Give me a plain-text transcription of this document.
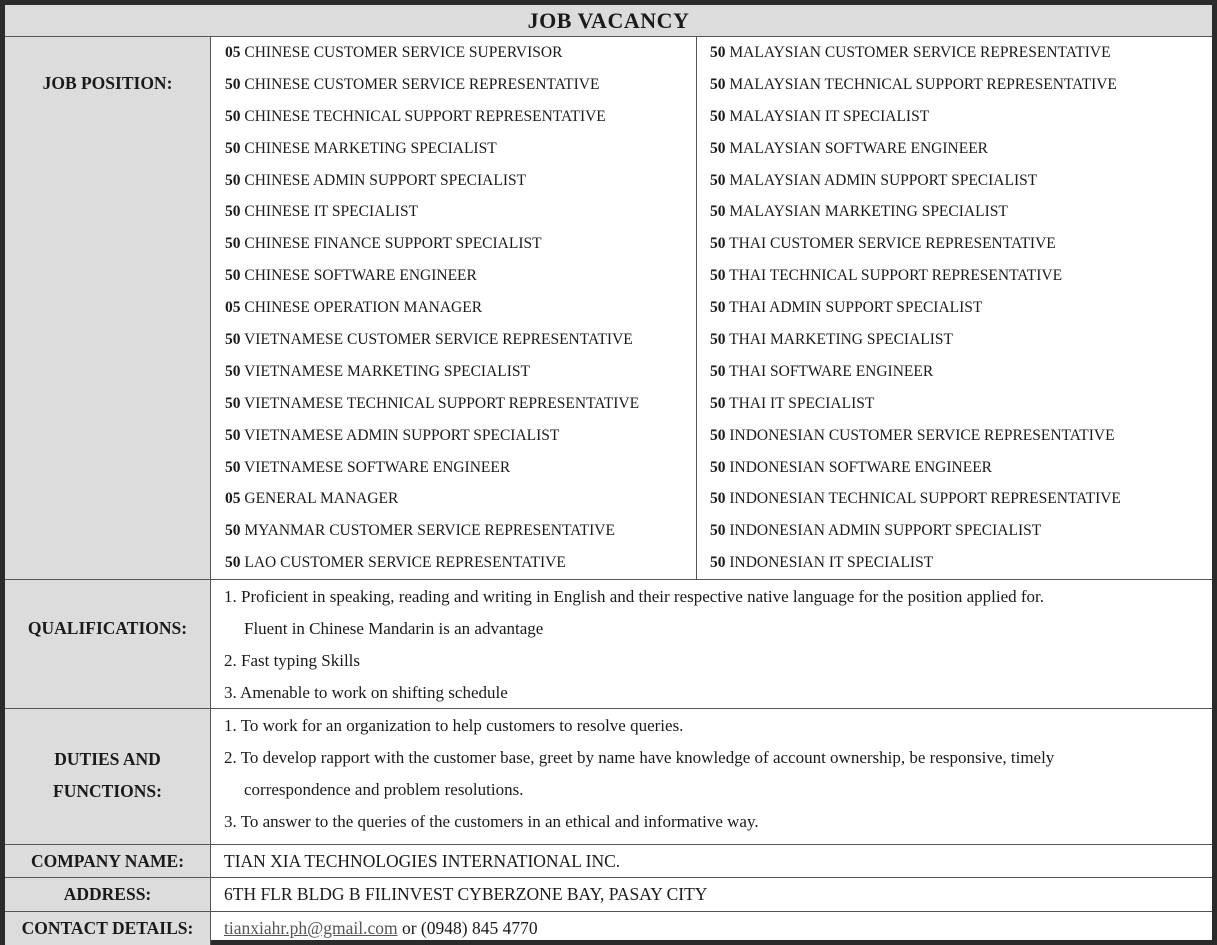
JOB VACANCY
JOB POSITION:
QUALIFICATIONS:
DUTIES AND
FUNCTIONS:
COMPANY NAME:
ADDRESS:
CONTACT DETAILS:
05 CHINESE CUSTOMER SERVICE SUPERVISOR
50 CHINESE CUSTOMER SERVICE REPRESENTATIVE
50 CHINESE TECHNICAL SUPPORT REPRESENTATIVE
50 CHINESE MARKETING SPECIALIST
50 CHINESE ADMIN SUPPORT SPECIALIST
50 CHINESE IT SPECIALIST
50 CHINESE FINANCE SUPPORT SPECIALIST
50 CHINESE SOFTWARE ENGINEER
05 CHINESE OPERATION MANAGER
50 VIETNAMESE CUSTOMER SERVICE REPRESENTATIVE
50 VIETNAMESE MARKETING SPECIALIST
50 VIETNAMESE TECHNICAL SUPPORT REPRESENTATIVE
50 VIETNAMESE ADMIN SUPPORT SPECIALIST
50 VIETNAMESE SOFTWARE ENGINEER
05 GENERAL MANAGER
50 MYANMAR CUSTOMER SERVICE REPRESENTATIVE
50 LAO CUSTOMER SERVICE REPRESENTATIVE
50 MALAYSIAN CUSTOMER SERVICE REPRESENTATIVE
50 MALAYSIAN TECHNICAL SUPPORT REPRESENTATIVE
50 MALAYSIAN IT SPECIALIST
50 MALAYSIAN SOFTWARE ENGINEER
50 MALAYSIAN ADMIN SUPPORT SPECIALIST
50 MALAYSIAN MARKETING SPECIALIST
50 THAI CUSTOMER SERVICE REPRESENTATIVE
50 THAI TECHNICAL SUPPORT REPRESENTATIVE
50 THAI ADMIN SUPPORT SPECIALIST
50 THAI MARKETING SPECIALIST
50 THAI SOFTWARE ENGINEER
50 THAI IT SPECIALIST
50 INDONESIAN CUSTOMER SERVICE REPRESENTATIVE
50 INDONESIAN SOFTWARE ENGINEER
50 INDONESIAN TECHNICAL SUPPORT REPRESENTATIVE
50 INDONESIAN ADMIN SUPPORT SPECIALIST
50 INDONESIAN IT SPECIALIST
1. Proficient in speaking, reading and writing in English and their respective native language for the position applied for.
Fluent in Chinese Mandarin is an advantage
2. Fast typing Skills
3. Amenable to work on shifting schedule
1. To work for an organization to help customers to resolve queries.
2. To develop rapport with the customer base, greet by name have knowledge of account ownership, be responsive, timely
correspondence and problem resolutions.
3. To answer to the queries of the customers in an ethical and informative way.
TIAN XIA TECHNOLOGIES INTERNATIONAL INC.
6TH FLR BLDG B FILINVEST CYBERZONE BAY, PASAY CITY
tianxiahr.ph@gmail.com or (0948) 845 4770
